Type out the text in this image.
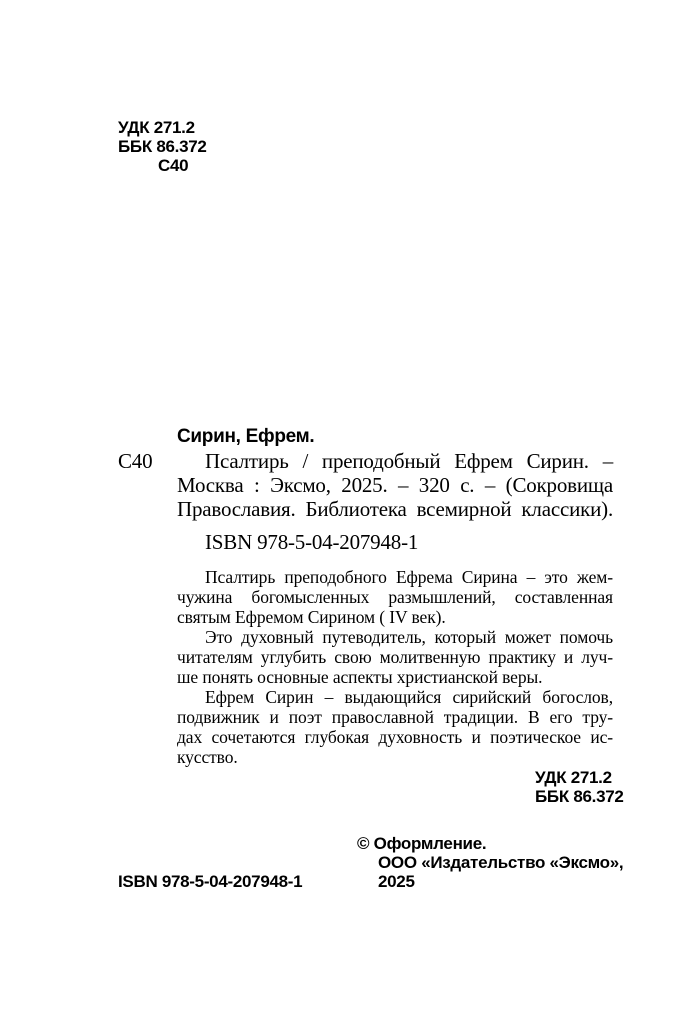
УДК 271.2
ББК 86.372
С40
Сирин, Ефрем.
С40	Псалтирь / преподобный Ефрем Сирин. –
Москва : Эксмо, 2025. – 320 с. – (Сокровища
Православия. Библиотека всемирной классики).
ISBN 978-5-04-207948-1
Псалтирь преподобного Ефрема Сирина – это жем-
чужина богомысленных размышлений, составленная
святым Ефремом Сирином ( IV век).
Это духовный путеводитель, который может помочь
читателям углубить свою молитвенную практику и луч-
ше понять основные аспекты христианской веры.
Ефрем Сирин – выдающийся сирийский богослов,
подвижник и поэт православной традиции. В его тру-
дах сочетаются глубокая духовность и поэтическое ис-
кусство.
УДК 271.2
ББК 86.372
© Оформление.
ООО «Издательство «Эксмо»,
2025
ISBN 978-5-04-207948-1
